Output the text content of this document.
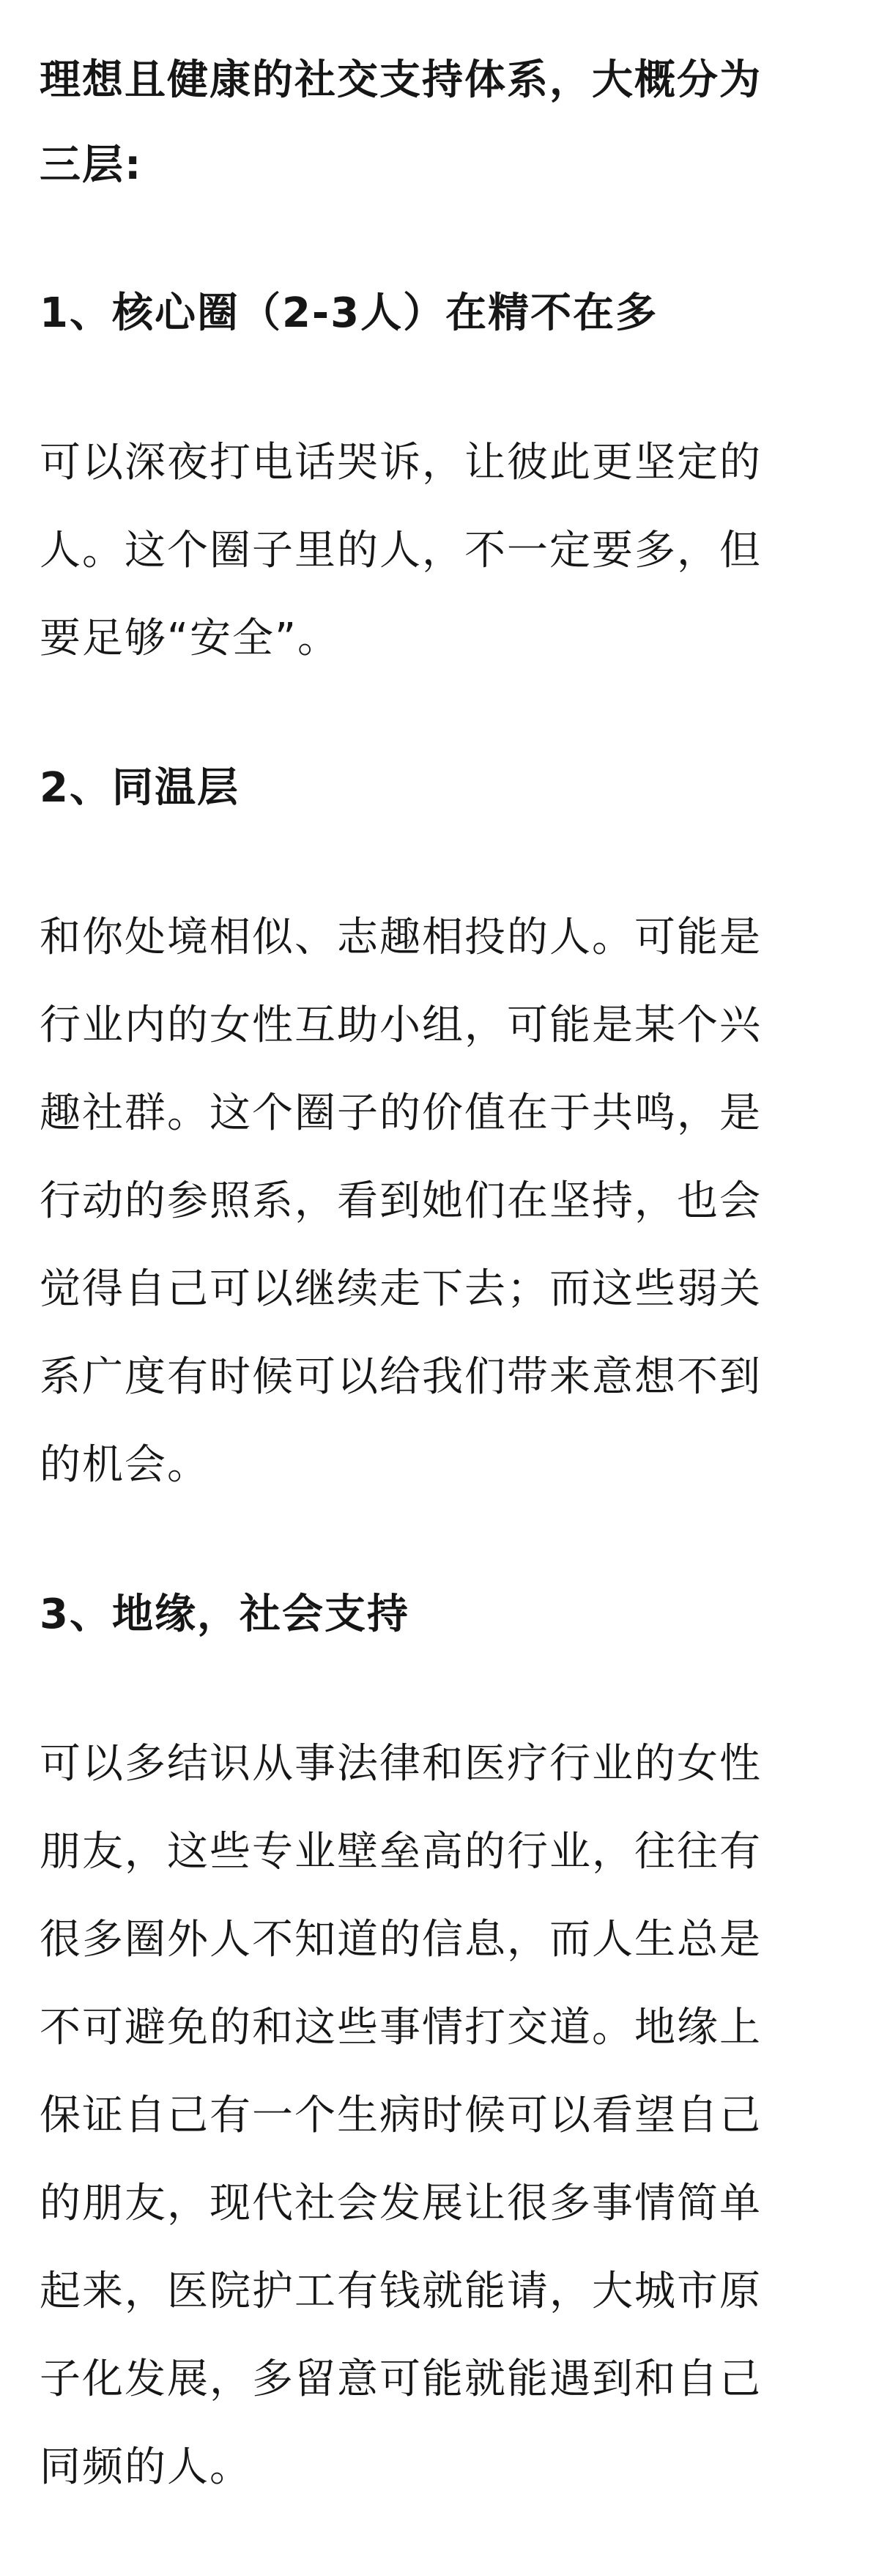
理想且健康的社交支持体系，大概分为

三层:

1、核心圈（2-3人）在精不在多

可以深夜打电话哭诉，让彼此更坚定的

人。这个圈子里的人，不一定要多，但

要足够“安全”。

2、同温层

和你处境相似、志趣相投的人。可能是

行业内的女性互助小组，可能是某个兴

趣社群。这个圈子的价值在于共鸣，是

行动的参照系，看到她们在坚持，也会

觉得自己可以继续走下去；而这些弱关

系广度有时候可以给我们带来意想不到

的机会。

3、地缘，社会支持

可以多结识从事法律和医疗行业的女性

朋友，这些专业壁垒高的行业，往往有

很多圈外人不知道的信息，而人生总是

不可避免的和这些事情打交道。地缘上

保证自己有一个生病时候可以看望自己

的朋友，现代社会发展让很多事情简单

起来，医院护工有钱就能请，大城市原

子化发展，多留意可能就能遇到和自己

同频的人。
